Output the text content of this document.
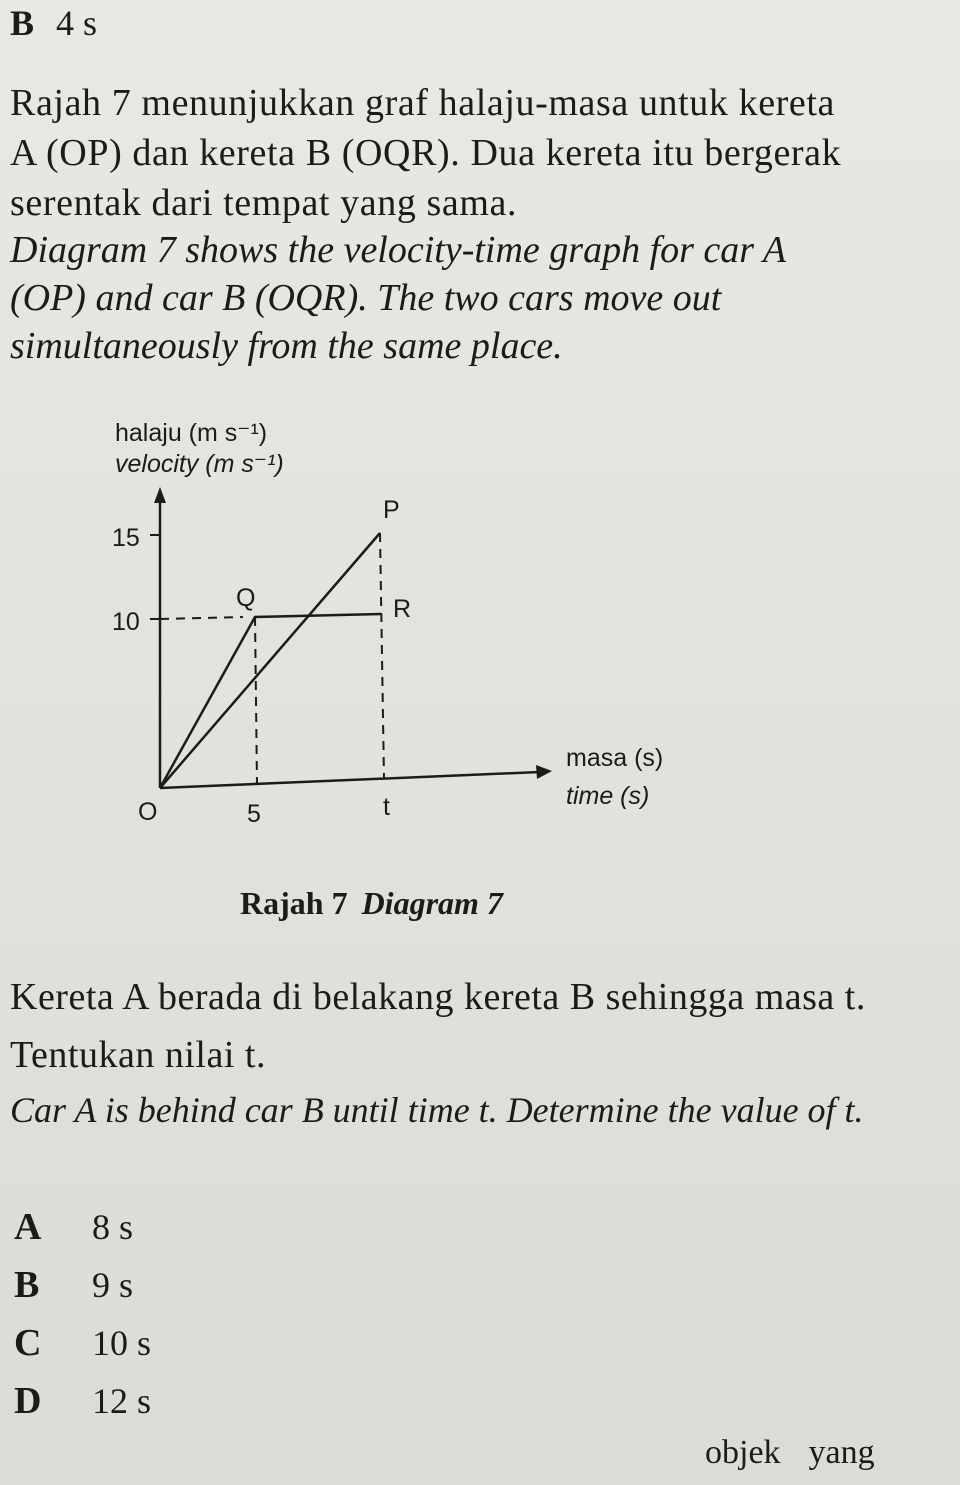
B 4 s

Rajah 7 menunjukkan graf halaju-masa untuk kereta A (OP) dan kereta B (OQR). Dua kereta itu bergerak serentak dari tempat yang sama.

Diagram 7 shows the velocity-time graph for car A (OP) and car B (OQR). The two cars move out simultaneously from the same place.

halaju (m s⁻¹)
velocity (m s⁻¹)
15
10
P
Q	R
O	5	t
masa (s)
time (s)
Rajah 7 Diagram 7

Kereta A berada di belakang kereta B sehingga masa t. Tentukan nilai t.

Car A is behind car B until time t. Determine the value of t.

A	8 s
B	9 s
C	10 s
D	12 s
objek yang
